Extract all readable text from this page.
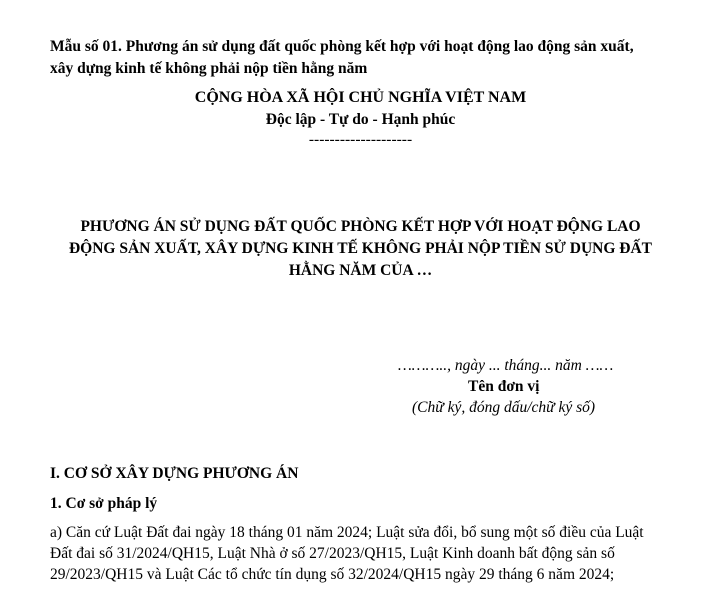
Mẫu số 01. Phương án sử dụng đất quốc phòng kết hợp với hoạt động lao động sản xuất,
xây dựng kinh tế không phải nộp tiền hằng năm
CỘNG HÒA XÃ HỘI CHỦ NGHĨA VIỆT NAM
Độc lập - Tự do - Hạnh phúc
--------------------
PHƯƠNG ÁN SỬ DỤNG ĐẤT QUỐC PHÒNG KẾT HỢP VỚI HOẠT ĐỘNG LAO
ĐỘNG SẢN XUẤT, XÂY DỰNG KINH TẾ KHÔNG PHẢI NỘP TIỀN SỬ DỤNG ĐẤT
HẰNG NĂM CỦA …
……….., ngày ... tháng... năm ……
Tên đơn vị
(Chữ ký, đóng dấu/chữ ký số)
I. CƠ SỞ XÂY DỰNG PHƯƠNG ÁN
1. Cơ sở pháp lý
a) Căn cứ Luật Đất đai ngày 18 tháng 01 năm 2024; Luật sửa đổi, bổ sung một số điều của Luật
Đất đai số 31/2024/QH15, Luật Nhà ở số 27/2023/QH15, Luật Kinh doanh bất động sản số
29/2023/QH15 và Luật Các tổ chức tín dụng số 32/2024/QH15 ngày 29 tháng 6 năm 2024;
